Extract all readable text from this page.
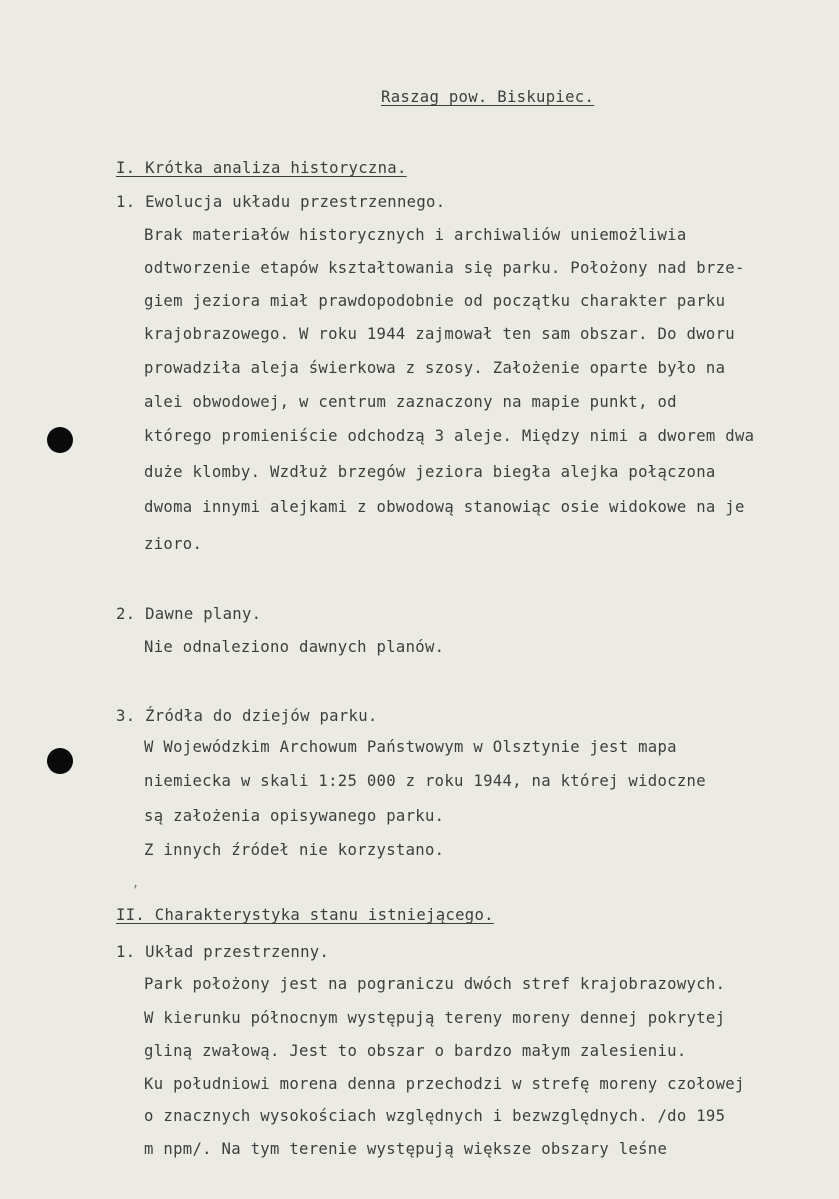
,
Raszag pow. Biskupiec.
I. Krótka analiza historyczna.
1. Ewolucja układu przestrzennego.
Brak materiałów historycznych i archiwaliów uniemożliwia
odtworzenie etapów kształtowania się parku. Położony nad brze-
giem jeziora miał prawdopodobnie od początku charakter parku
krajobrazowego. W roku 1944 zajmował ten sam obszar. Do dworu
prowadziła aleja świerkowa z szosy. Założenie oparte było na
alei obwodowej, w centrum zaznaczony na mapie punkt, od
którego promieniście odchodzą 3 aleje. Między nimi a dworem dwa
duże klomby. Wzdłuż brzegów jeziora biegła alejka połączona
dwoma innymi alejkami z obwodową stanowiąc osie widokowe na je
zioro.
2. Dawne plany.
Nie odnaleziono dawnych planów.
3. Źródła do dziejów parku.
W Wojewódzkim Archowum Państwowym w Olsztynie jest mapa
niemiecka w skali 1:25 000 z roku 1944, na której widoczne
są założenia opisywanego parku.
Z innych źródeł nie korzystano.
II. Charakterystyka stanu istniejącego.
1. Układ przestrzenny.
Park położony jest na pograniczu dwóch stref krajobrazowych.
W kierunku północnym występują tereny moreny dennej pokrytej
gliną zwałową. Jest to obszar o bardzo małym zalesieniu.
Ku południowi morena denna przechodzi w strefę moreny czołowej
o znacznych wysokościach względnych i bezwzględnych. /do 195
m npm/. Na tym terenie występują większe obszary leśne
